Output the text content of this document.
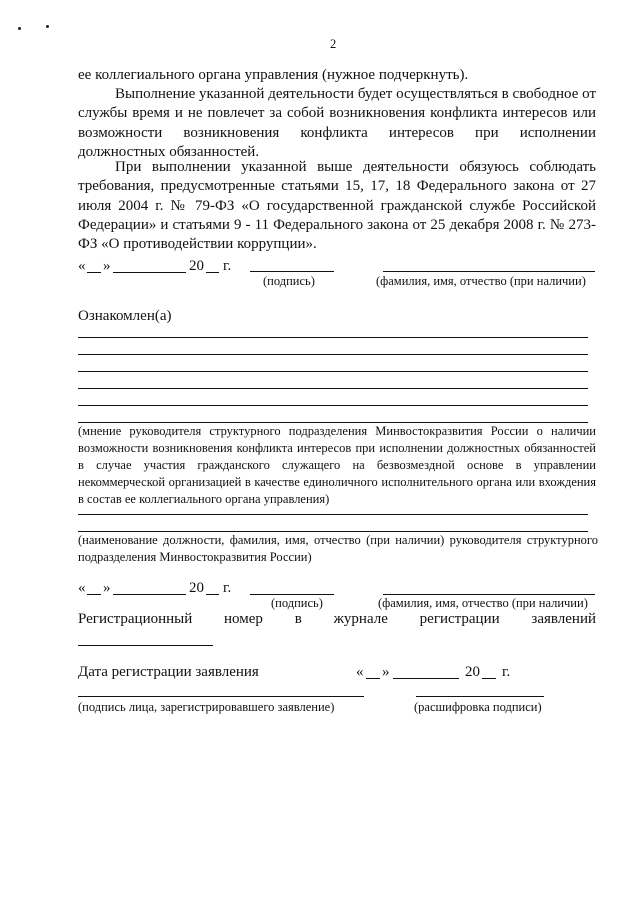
2
ее коллегиального органа управления (нужное подчеркнуть).
Выполнение указанной деятельности будет осуществляться в свободное от службы время и не повлечет за собой возникновения конфликта интересов или возможности возникновения конфликта интересов при исполнении должностных обязанностей.
При выполнении указанной выше деятельности обязуюсь соблюдать требования, предусмотренные статьями 15, 17, 18 Федерального закона от 27 июля 2004 г. № 79-ФЗ «О государственной гражданской службе Российской Федерации» и статьями 9 - 11 Федерального закона от 25 декабря 2008 г. № 273-ФЗ «О противодействии коррупции».
« »	20 г.
(подпись)	(фамилия, имя, отчество (при наличии)
Ознакомлен(а)
(мнение руководителя структурного подразделения Минвостокразвития России о наличии возможности возникновения конфликта интересов при исполнении должностных обязанностей в случае участия гражданского служащего на безвозмездной основе в управлении некоммерческой организацией в качестве единоличного исполнительного органа или вхождения в состав ее коллегиального органа управления)
(наименование должности, фамилия, имя, отчество (при наличии) руководителя структурного подразделения Минвостокразвития России)
« »	20 г.
(подпись)	(фамилия, имя, отчество (при наличии)
Регистрационный номер в журнале регистрации заявлений
Дата регистрации заявления	« »	20 г.
(подпись лица, зарегистрировавшего заявление)	(расшифровка подписи)
